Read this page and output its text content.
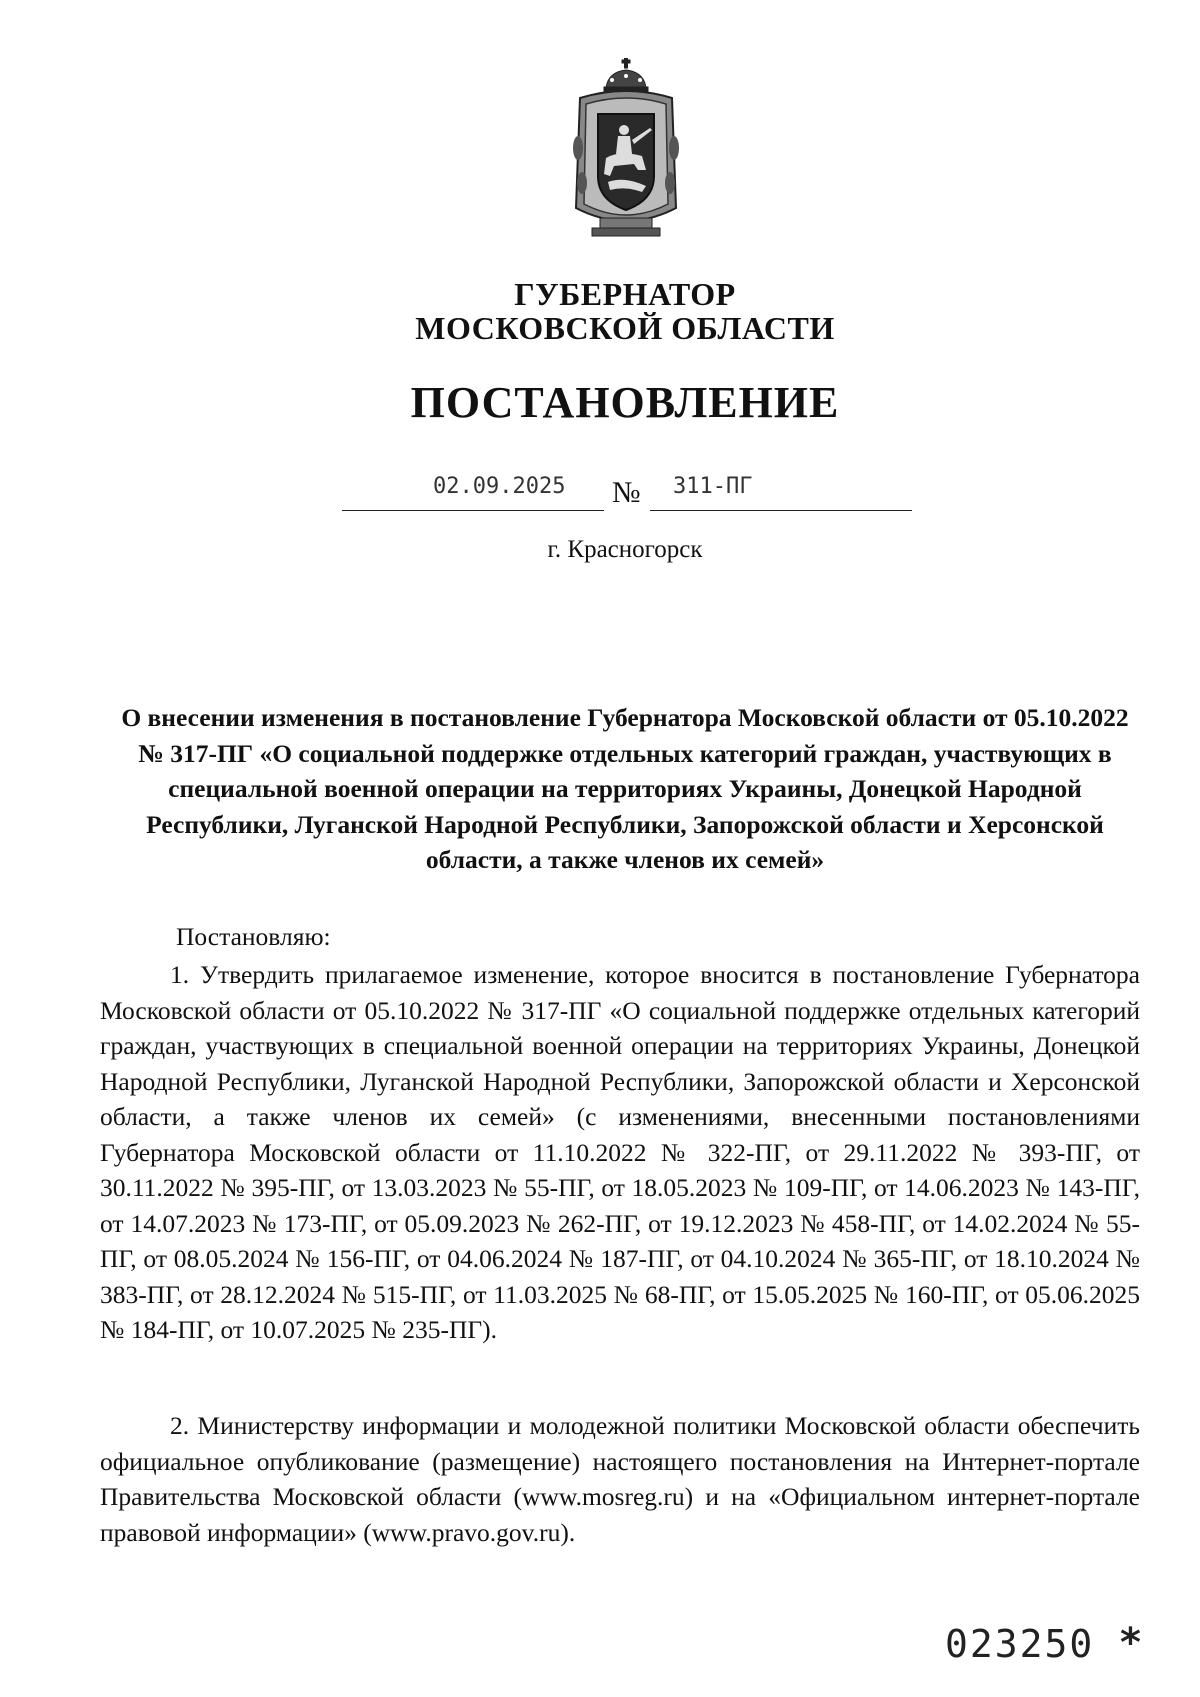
ГУБЕРНАТОР
МОСКОВСКОЙ ОБЛАСТИ
ПОСТАНОВЛЕНИЕ
02.09.2025 № 311-ПГ
г. Красногорск
О внесении изменения в постановление Губернатора Московской области от 05.10.2022 № 317-ПГ «О социальной поддержке отдельных категорий граждан, участвующих в специальной военной операции на территориях Украины, Донецкой Народной Республики, Луганской Народной Республики, Запорожской области и Херсонской области, а также членов их семей»
Постановляю:

1. Утвердить прилагаемое изменение, которое вносится в постановление Губернатора Московской области от 05.10.2022 № 317-ПГ «О социальной поддержке отдельных категорий граждан, участвующих в специальной военной операции на территориях Украины, Донецкой Народной Республики, Луганской Народной Республики, Запорожской области и Херсонской области, а также членов их семей» (с изменениями, внесенными постановлениями Губернатора Московской области от 11.10.2022 № 322-ПГ, от 29.11.2022 № 393-ПГ, от 30.11.2022 № 395-ПГ, от 13.03.2023 № 55-ПГ, от 18.05.2023 № 109-ПГ, от 14.06.2023 № 143-ПГ, от 14.07.2023 № 173-ПГ, от 05.09.2023 № 262-ПГ, от 19.12.2023 № 458-ПГ, от 14.02.2024 № 55-ПГ, от 08.05.2024 № 156-ПГ, от 04.06.2024 № 187-ПГ, от 04.10.2024 № 365-ПГ, от 18.10.2024 № 383-ПГ, от 28.12.2024 № 515-ПГ, от 11.03.2025 № 68-ПГ, от 15.05.2025 № 160-ПГ, от 05.06.2025 № 184-ПГ, от 10.07.2025 № 235-ПГ).

2. Министерству информации и молодежной политики Московской области обеспечить официальное опубликование (размещение) настоящего постановления на Интернет-портале Правительства Московской области (www.mosreg.ru) и на «Официальном интернет-портале правовой информации» (www.pravo.gov.ru).

023250 *
